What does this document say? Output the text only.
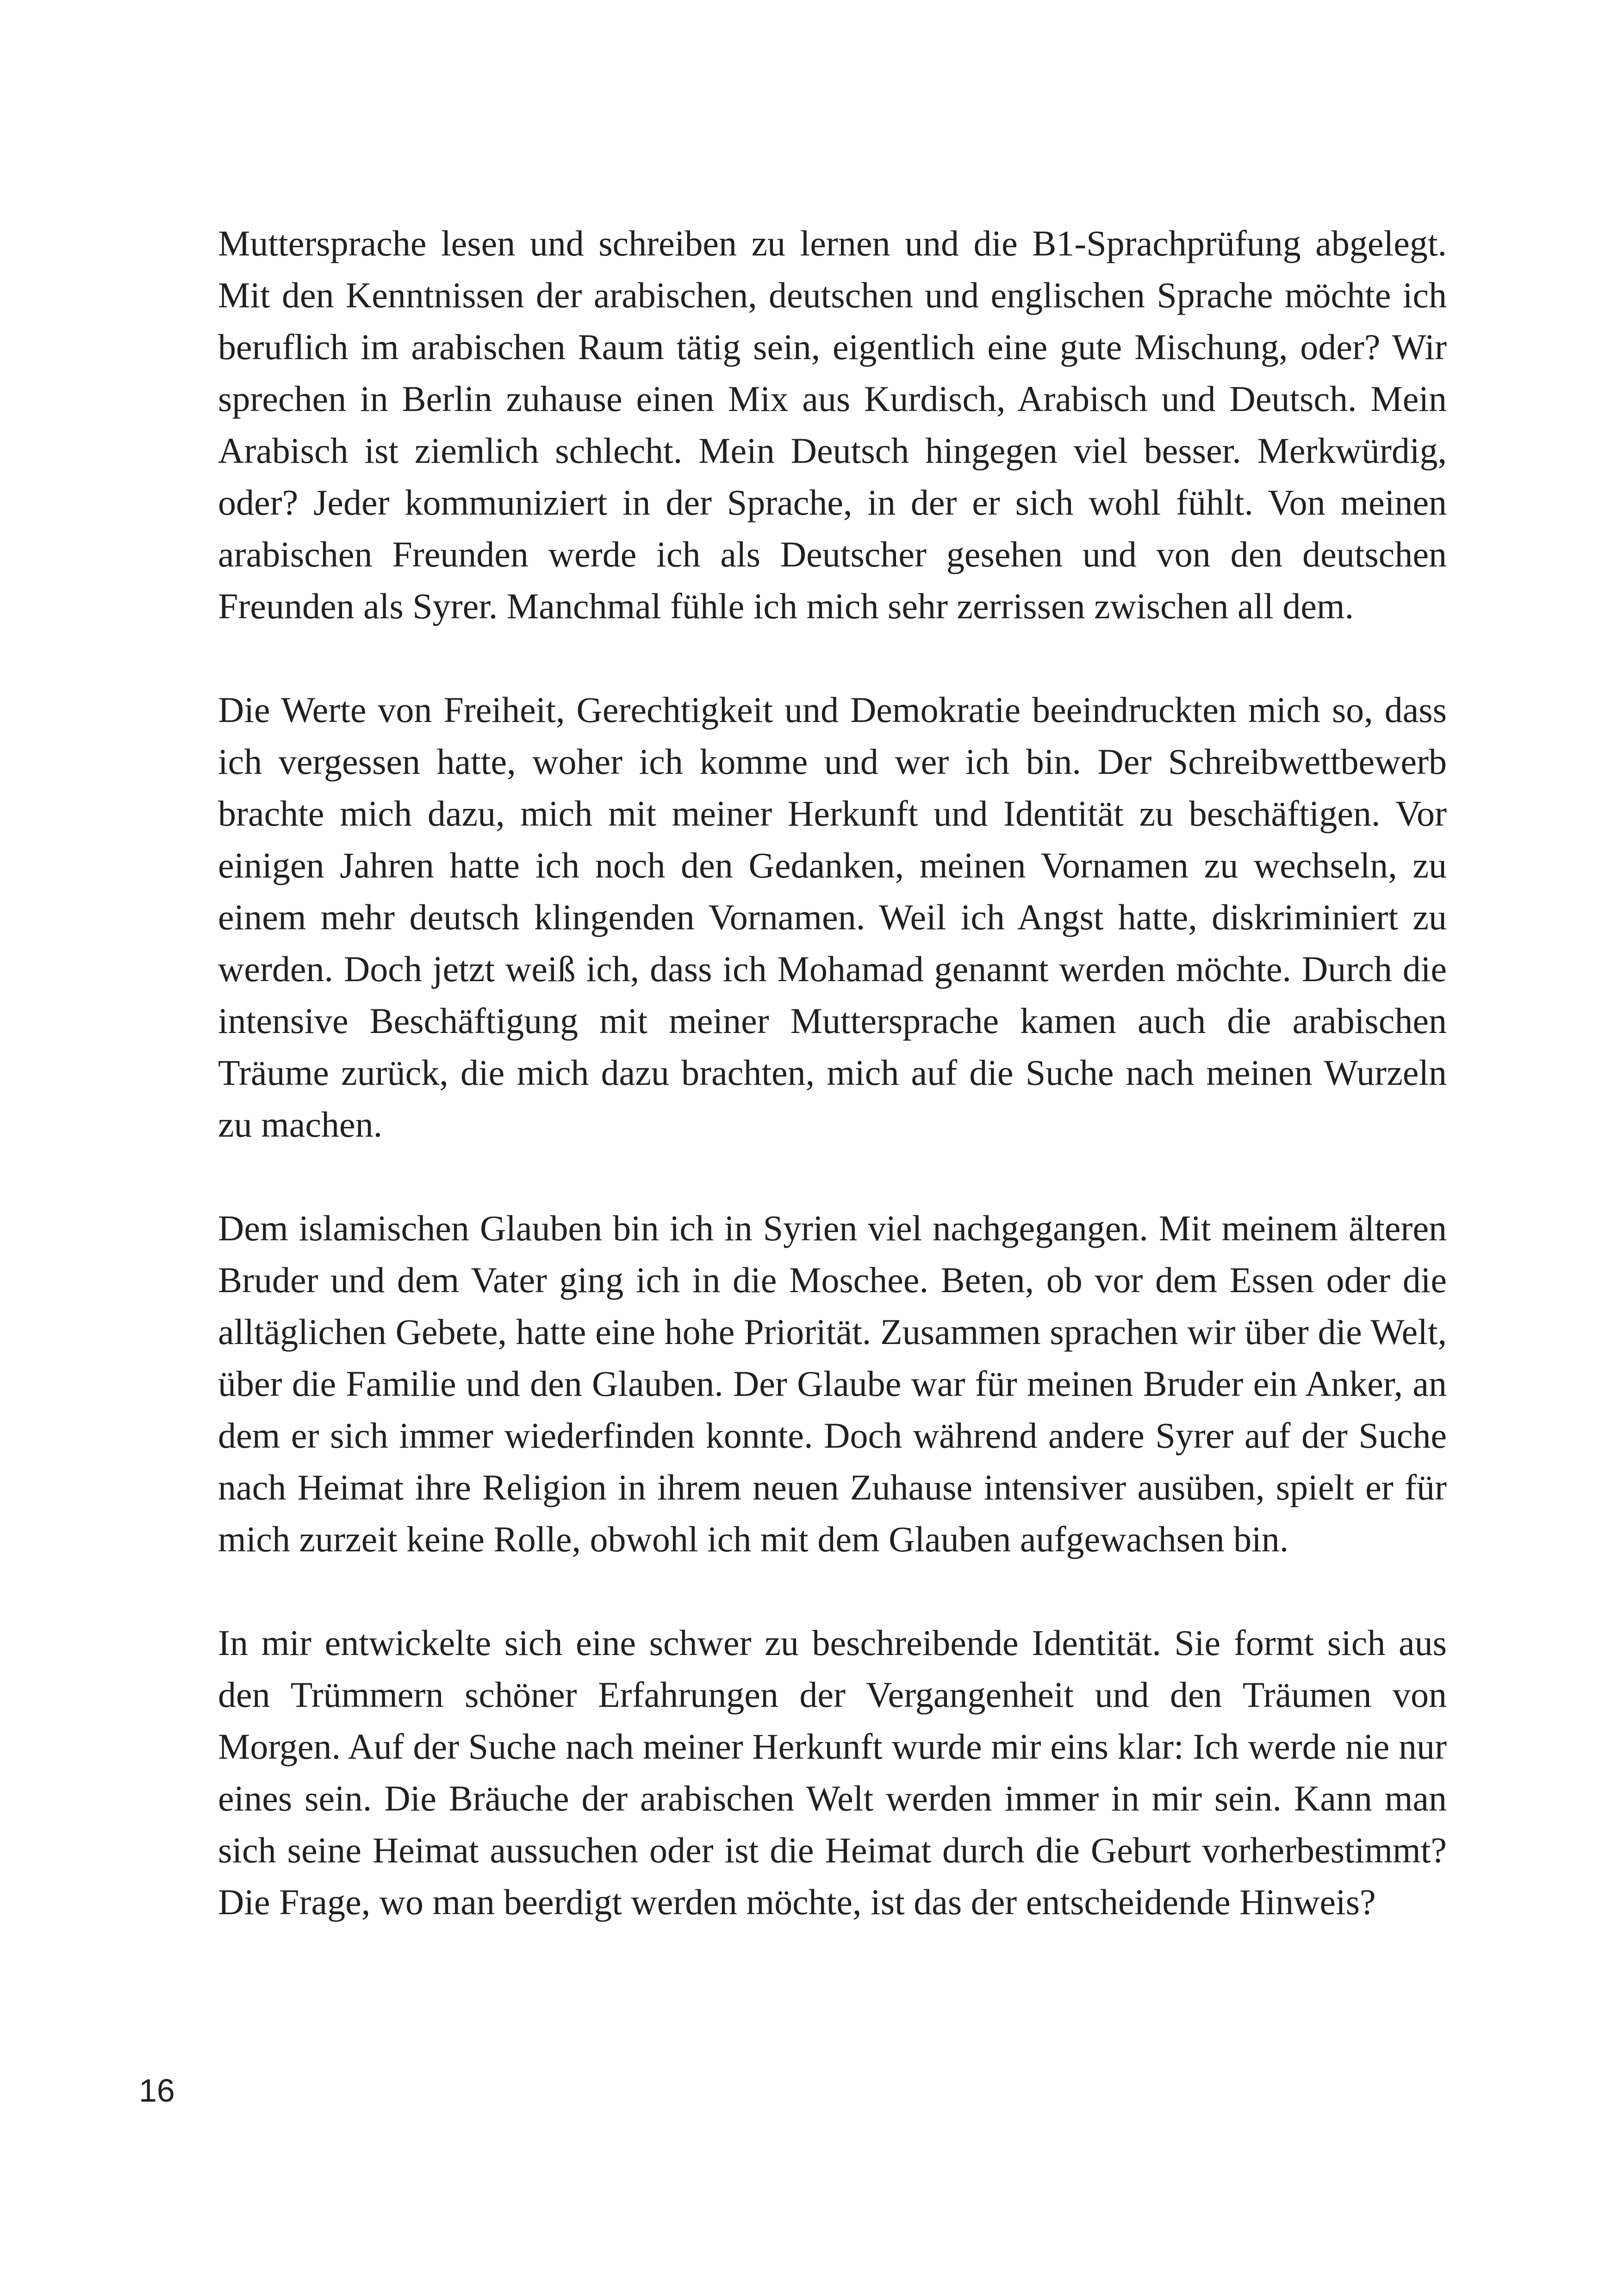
Muttersprache lesen und schreiben zu lernen und die B1-Sprachprüfung abgelegt. Mit den Kenntnissen der arabischen, deutschen und englischen Sprache möchte ich beruflich im arabischen Raum tätig sein, eigentlich eine gute Mischung, oder? Wir sprechen in Berlin zuhause einen Mix aus Kurdisch, Arabisch und Deutsch. Mein Arabisch ist ziemlich schlecht. Mein Deutsch hingegen viel besser. Merkwürdig, oder? Jeder kommuniziert in der Sprache, in der er sich wohl fühlt. Von meinen arabischen Freunden werde ich als Deutscher gesehen und von den deutschen Freunden als Syrer. Manchmal fühle ich mich sehr zerrissen zwischen all dem.

Die Werte von Freiheit, Gerechtigkeit und Demokratie beeindruckten mich so, dass ich vergessen hatte, woher ich komme und wer ich bin. Der Schreibwettbewerb brachte mich dazu, mich mit meiner Herkunft und Identität zu beschäftigen. Vor einigen Jahren hatte ich noch den Gedanken, meinen Vornamen zu wechseln, zu einem mehr deutsch klingenden Vornamen. Weil ich Angst hatte, diskriminiert zu werden. Doch jetzt weiß ich, dass ich Mohamad genannt werden möchte. Durch die intensive Beschäftigung mit meiner Muttersprache kamen auch die arabischen Träume zurück, die mich dazu brachten, mich auf die Suche nach meinen Wurzeln zu machen.

Dem islamischen Glauben bin ich in Syrien viel nachgegangen. Mit meinem älteren Bruder und dem Vater ging ich in die Moschee. Beten, ob vor dem Essen oder die alltäglichen Gebete, hatte eine hohe Priorität. Zusammen sprachen wir über die Welt, über die Familie und den Glauben. Der Glaube war für meinen Bruder ein Anker, an dem er sich immer wiederfinden konnte. Doch während andere Syrer auf der Suche nach Heimat ihre Religion in ihrem neuen Zuhause intensiver ausüben, spielt er für mich zurzeit keine Rolle, obwohl ich mit dem Glauben aufgewachsen bin.

In mir entwickelte sich eine schwer zu beschreibende Identität. Sie formt sich aus den Trümmern schöner Erfahrungen der Vergangenheit und den Träumen von Morgen. Auf der Suche nach meiner Herkunft wurde mir eins klar: Ich werde nie nur eines sein. Die Bräuche der arabischen Welt werden immer in mir sein. Kann man sich seine Heimat aussuchen oder ist die Heimat durch die Geburt vorherbestimmt? Die Frage, wo man beerdigt werden möchte, ist das der entscheidende Hinweis?

16
